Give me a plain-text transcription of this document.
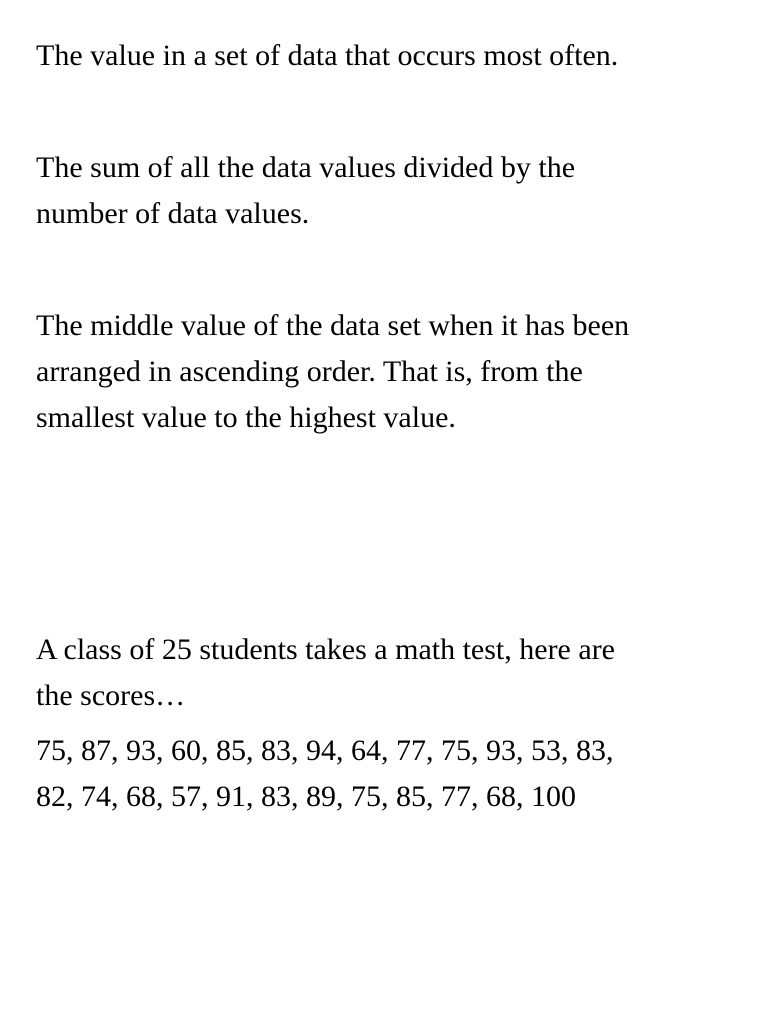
The value in a set of data that occurs most often.

The sum of all the data values divided by the
number of data values.

The middle value of the data set when it has been
arranged in ascending order. That is, from the
smallest value to the highest value.

A class of 25 students takes a math test, here are
the scores…

75, 87, 93, 60, 85, 83, 94, 64, 77, 75, 93, 53, 83,
82, 74, 68, 57, 91, 83, 89, 75, 85, 77, 68, 100
